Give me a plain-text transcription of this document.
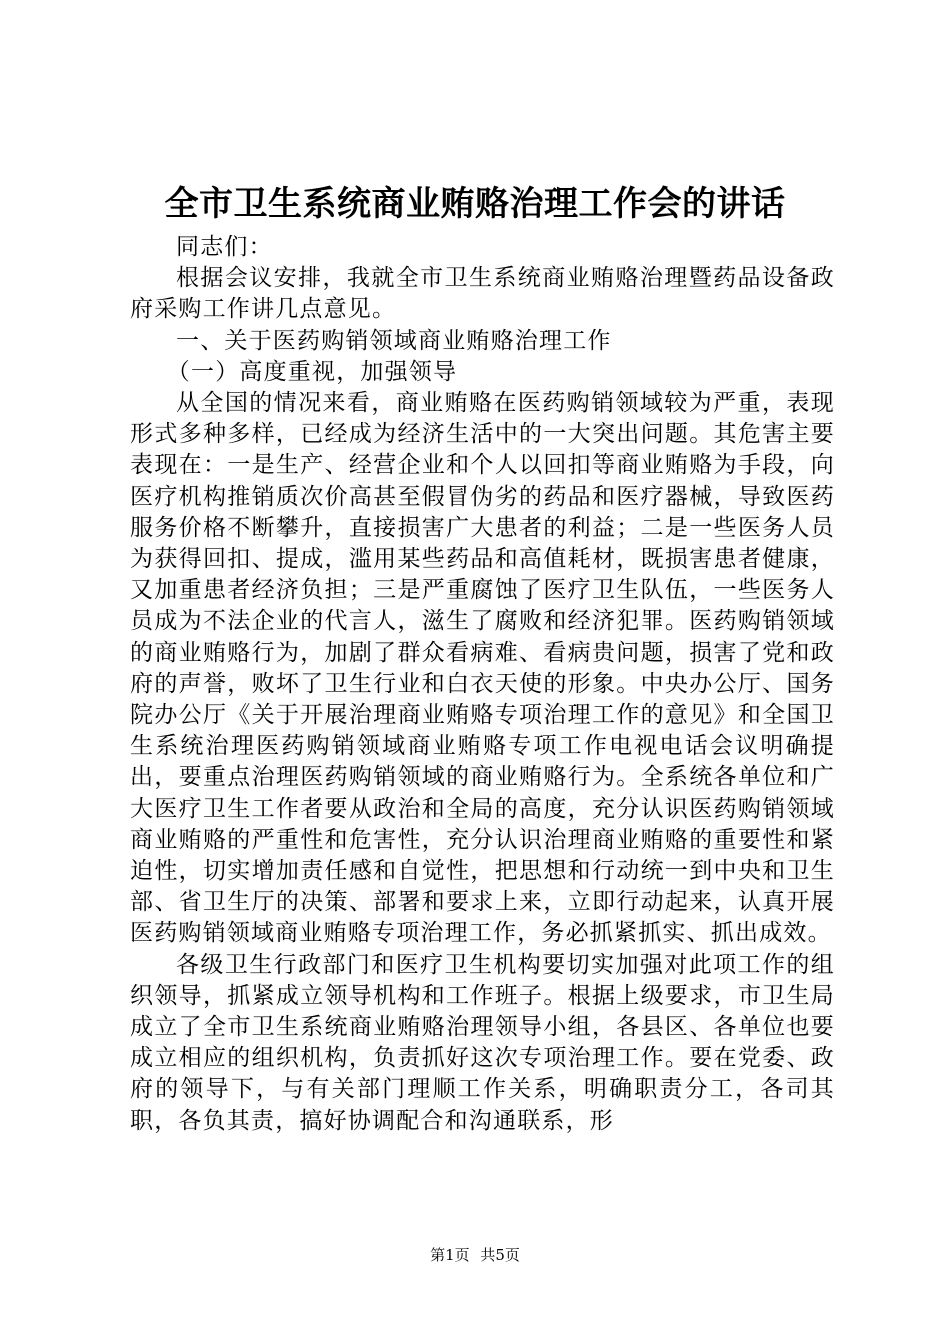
全市卫生系统商业贿赂治理工作会的讲话

同志们：

根据会议安排，我就全市卫生系统商业贿赂治理暨药品设备政府采购工作讲几点意见。

一、关于医药购销领域商业贿赂治理工作

（一）高度重视，加强领导

从全国的情况来看，商业贿赂在医药购销领域较为严重，表现形式多种多样，已经成为经济生活中的一大突出问题。其危害主要表现在：一是生产、经营企业和个人以回扣等商业贿赂为手段，向医疗机构推销质次价高甚至假冒伪劣的药品和医疗器械，导致医药服务价格不断攀升，直接损害广大患者的利益；二是一些医务人员为获得回扣、提成，滥用某些药品和高值耗材，既损害患者健康，又加重患者经济负担；三是严重腐蚀了医疗卫生队伍，一些医务人员成为不法企业的代言人，滋生了腐败和经济犯罪。医药购销领域的商业贿赂行为，加剧了群众看病难、看病贵问题，损害了党和政府的声誉，败坏了卫生行业和白衣天使的形象。中央办公厅、国务院办公厅《关于开展治理商业贿赂专项治理工作的意见》和全国卫生系统治理医药购销领域商业贿赂专项工作电视电话会议明确提出，要重点治理医药购销领域的商业贿赂行为。全系统各单位和广大医疗卫生工作者要从政治和全局的高度，充分认识医药购销领域商业贿赂的严重性和危害性，充分认识治理商业贿赂的重要性和紧迫性，切实增加责任感和自觉性，把思想和行动统一到中央和卫生部、省卫生厅的决策、部署和要求上来，立即行动起来，认真开展医药购销领域商业贿赂专项治理工作，务必抓紧抓实、抓出成效。

各级卫生行政部门和医疗卫生机构要切实加强对此项工作的组织领导，抓紧成立领导机构和工作班子。根据上级要求，市卫生局成立了全市卫生系统商业贿赂治理领导小组，各县区、各单位也要成立相应的组织机构，负责抓好这次专项治理工作。要在党委、政府的领导下，与有关部门理顺工作关系，明确职责分工，各司其职，各负其责，搞好协调配合和沟通联系，形

第1页 共5页
